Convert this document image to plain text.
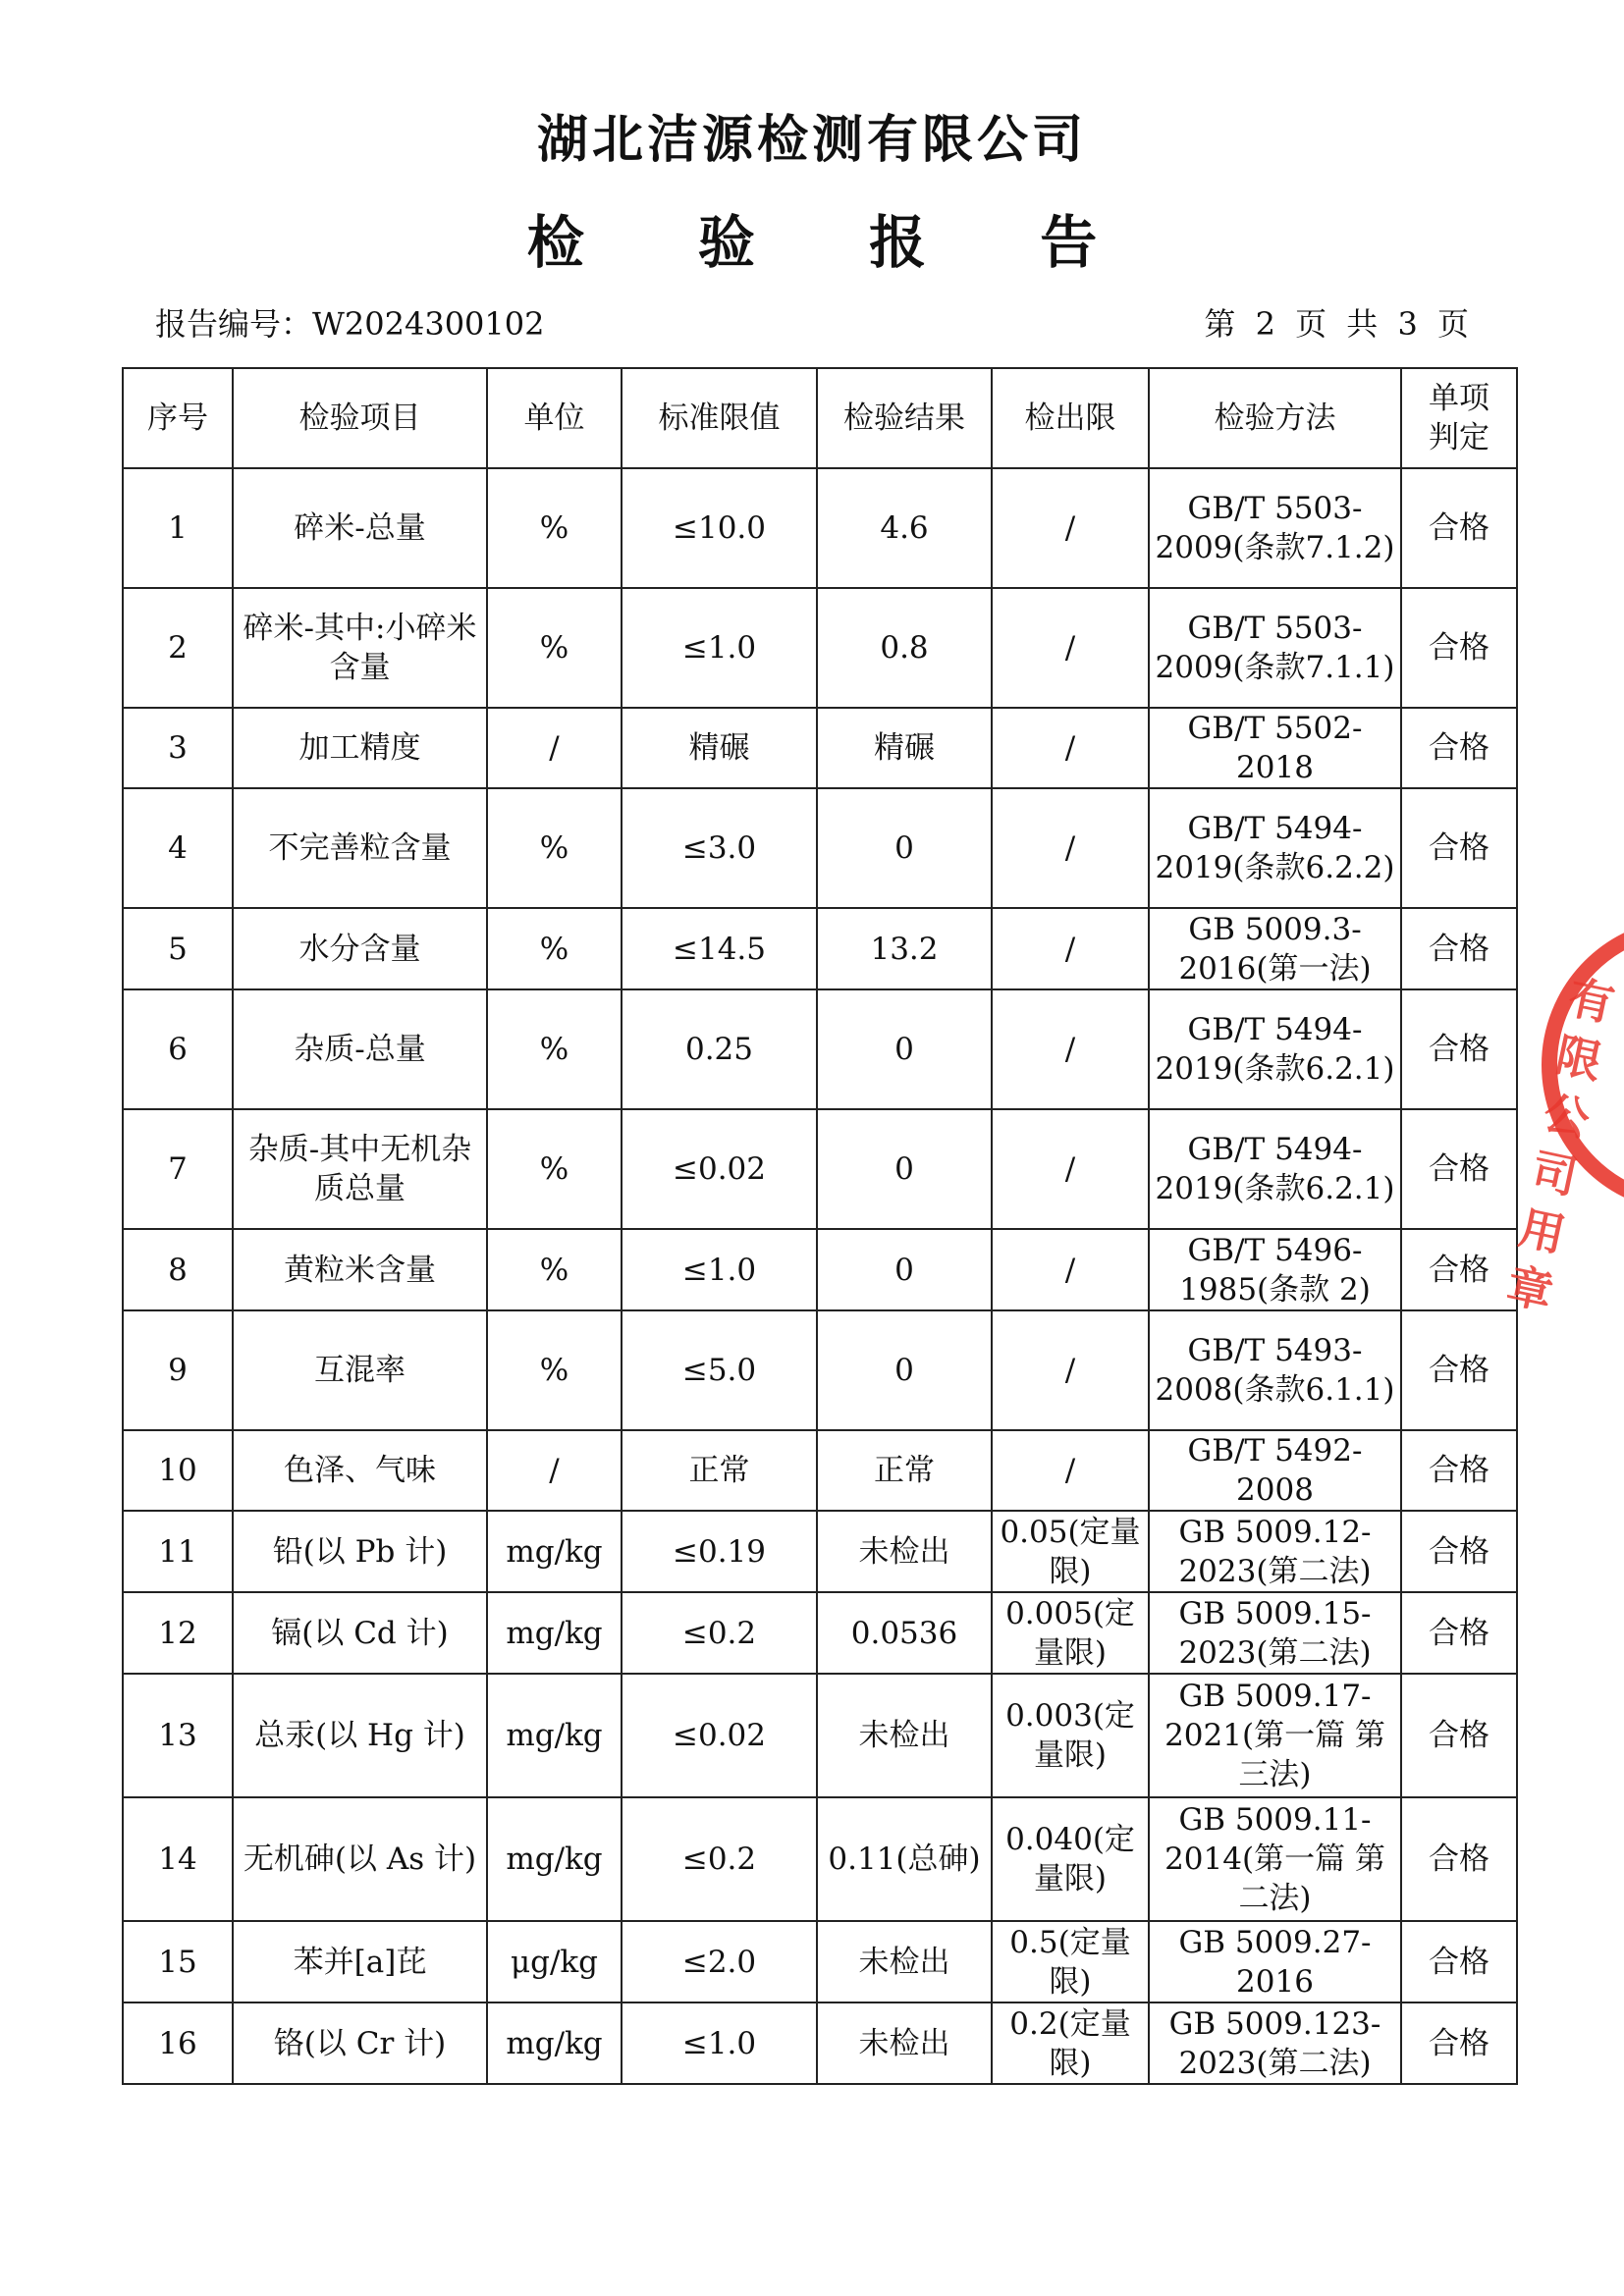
湖北洁源检测有限公司
检 验 报 告
报告编号：W2024300102	第 2 页 共 3 页
序号	检验项目	单位	标准限值	检验结果	检出限	检验方法	单项判定
1	碎米-总量	%	≤10.0	4.6	/	GB/T 5503-2009(条款7.1.2)	合格
2	碎米-其中:小碎米含量	%	≤1.0	0.8	/	GB/T 5503-2009(条款7.1.1)	合格
3	加工精度	/	精碾	精碾	/	GB/T 5502-2018	合格
4	不完善粒含量	%	≤3.0	0	/	GB/T 5494-2019(条款6.2.2)	合格
5	水分含量	%	≤14.5	13.2	/	GB 5009.3-2016(第一法)	合格
6	杂质-总量	%	0.25	0	/	GB/T 5494-2019(条款6.2.1)	合格
7	杂质-其中无机杂质总量	%	≤0.02	0	/	GB/T 5494-2019(条款6.2.1)	合格
8	黄粒米含量	%	≤1.0	0	/	GB/T 5496-1985(条款 2)	合格
9	互混率	%	≤5.0	0	/	GB/T 5493-2008(条款6.1.1)	合格
10	色泽、气味	/	正常	正常	/	GB/T 5492-2008	合格
11	铅(以 Pb 计)	mg/kg	≤0.19	未检出	0.05(定量限)	GB 5009.12-2023(第二法)	合格
12	镉(以 Cd 计)	mg/kg	≤0.2	0.0536	0.005(定量限)	GB 5009.15-2023(第二法)	合格
13	总汞(以 Hg 计)	mg/kg	≤0.02	未检出	0.003(定量限)	GB 5009.17-2021(第一篇 第三法)	合格
14	无机砷(以 As 计)	mg/kg	≤0.2	0.11(总砷)	0.040(定量限)	GB 5009.11-2014(第一篇 第二法)	合格
15	苯并[a]芘	μg/kg	≤2.0	未检出	0.5(定量限)	GB 5009.27-2016	合格
16	铬(以 Cr 计)	mg/kg	≤1.0	未检出	0.2(定量限)	GB 5009.123-2023(第二法)	合格
有限
公司
用章
